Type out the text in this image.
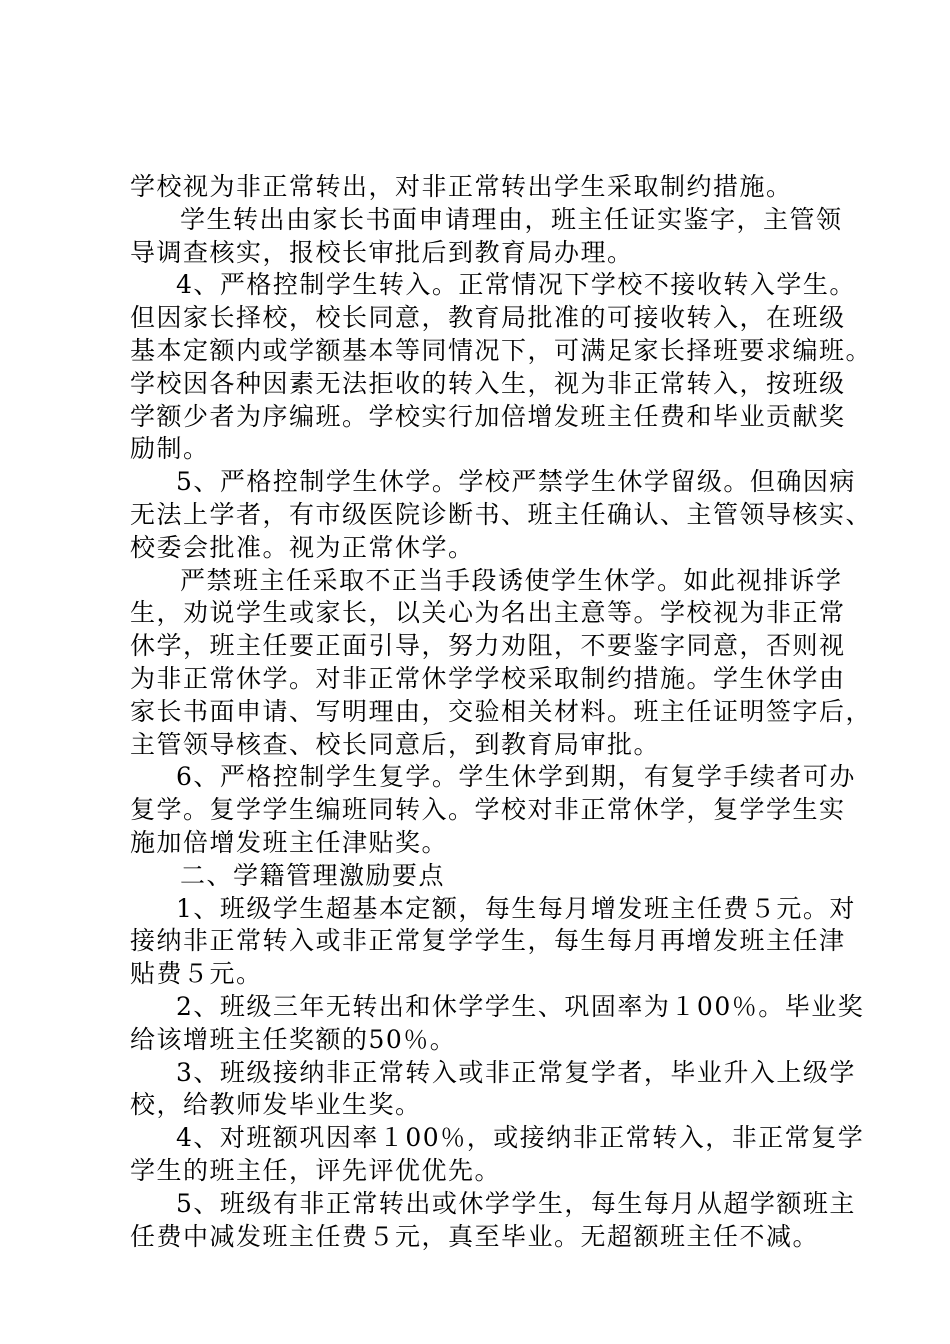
学校视为非正常转出，对非正常转出学生采取制约措施。
学生转出由家长书面申请理由，班主任证实鉴字，主管领
导调查核实，报校长审批后到教育局办理。
4、严格控制学生转入。正常情况下学校不接收转入学生。
但因家长择校，校长同意，教育局批准的可接收转入，在班级
基本定额内或学额基本等同情况下，可满足家长择班要求编班。
学校因各种因素无法拒收的转入生，视为非正常转入，按班级
学额少者为序编班。学校实行加倍增发班主任费和毕业贡献奖
励制。
5、严格控制学生休学。学校严禁学生休学留级。但确因病
无法上学者，有市级医院诊断书、班主任确认、主管领导核实、
校委会批准。视为正常休学。
严禁班主任采取不正当手段诱使学生休学。如此视排诉学
生，劝说学生或家长，以关心为名出主意等。学校视为非正常
休学，班主任要正面引导，努力劝阻，不要鉴字同意，否则视
为非正常休学。对非正常休学学校采取制约措施。学生休学由
家长书面申请、写明理由，交验相关材料。班主任证明签字后，
主管领导核查、校长同意后，到教育局审批。
6、严格控制学生复学。学生休学到期，有复学手续者可办
复学。复学学生编班同转入。学校对非正常休学，复学学生实
施加倍增发班主任津贴奖。
二、学籍管理激励要点
1、班级学生超基本定额，每生每月增发班主任费５元。对
接纳非正常转入或非正常复学学生，每生每月再增发班主任津
贴费５元。
2、班级三年无转出和休学学生、巩固率为１00％。毕业奖
给该增班主任奖额的50％。
3、班级接纳非正常转入或非正常复学者，毕业升入上级学
校，给教师发毕业生奖。
4、对班额巩因率１00％，或接纳非正常转入，非正常复学
学生的班主任，评先评优优先。
5、班级有非正常转出或休学学生，每生每月从超学额班主
任费中减发班主任费５元，真至毕业。无超额班主任不减。
